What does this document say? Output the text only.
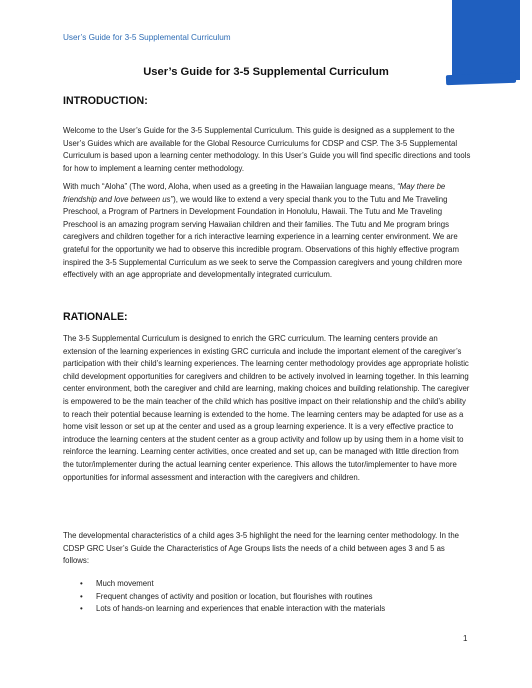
User’s Guide for 3-5 Supplemental Curriculum
User’s Guide for 3-5 Supplemental Curriculum
INTRODUCTION:

Welcome to the User’s Guide for the 3-5 Supplemental Curriculum. This guide is designed as a supplement to the User’s Guides which are available for the Global Resource Curriculums for CDSP and CSP. The 3-5 Supplemental Curriculum is based upon a learning center methodology. In this User’s Guide you will find specific directions and tools for how to implement a learning center methodology.

With much “Aloha” (The word, Aloha, when used as a greeting in the Hawaiian language means, “May there be friendship and love between us”), we would like to extend a very special thank you to the Tutu and Me Traveling Preschool, a Program of Partners in Development Foundation in Honolulu, Hawaii. The Tutu and Me Traveling Preschool is an amazing program serving Hawaiian children and their families. The Tutu and Me program brings caregivers and children together for a rich interactive learning experience in a learning center environment. We are grateful for the opportunity we had to observe this incredible program. Observations of this highly effective program inspired the 3-5 Supplemental Curriculum as we seek to serve the Compassion caregivers and young children more effectively with an age appropriate and developmentally integrated curriculum.

RATIONALE:

The 3-5 Supplemental Curriculum is designed to enrich the GRC curriculum. The learning centers provide an extension of the learning experiences in existing GRC curricula and include the important element of the caregiver’s participation with their child’s learning experiences. The learning center methodology provides age appropriate holistic child development opportunities for caregivers and children to be actively involved in learning together. In this learning center environment, both the caregiver and child are learning, making choices and building relationship. The caregiver is empowered to be the main teacher of the child which has positive impact on their relationship and the child’s ability to reach their potential because learning is extended to the home. The learning centers may be adapted for use as a home visit lesson or set up at the center and used as a group learning experience. It is a very effective practice to introduce the learning centers at the student center as a group activity and follow up by using them in a home visit to reinforce the learning. Learning center activities, once created and set up, can be managed with little direction from the tutor/implementer during the actual learning center experience. This allows the tutor/implementer to have more opportunities for informal assessment and interaction with the caregivers and children.

The developmental characteristics of a child ages 3-5 highlight the need for the learning center methodology. In the CDSP GRC User’s Guide the Characteristics of Age Groups lists the needs of a child between ages 3 and 5 as follows:

• Much movement
• Frequent changes of activity and position or location, but flourishes with routines
• Lots of hands-on learning and experiences that enable interaction with the materials
1
